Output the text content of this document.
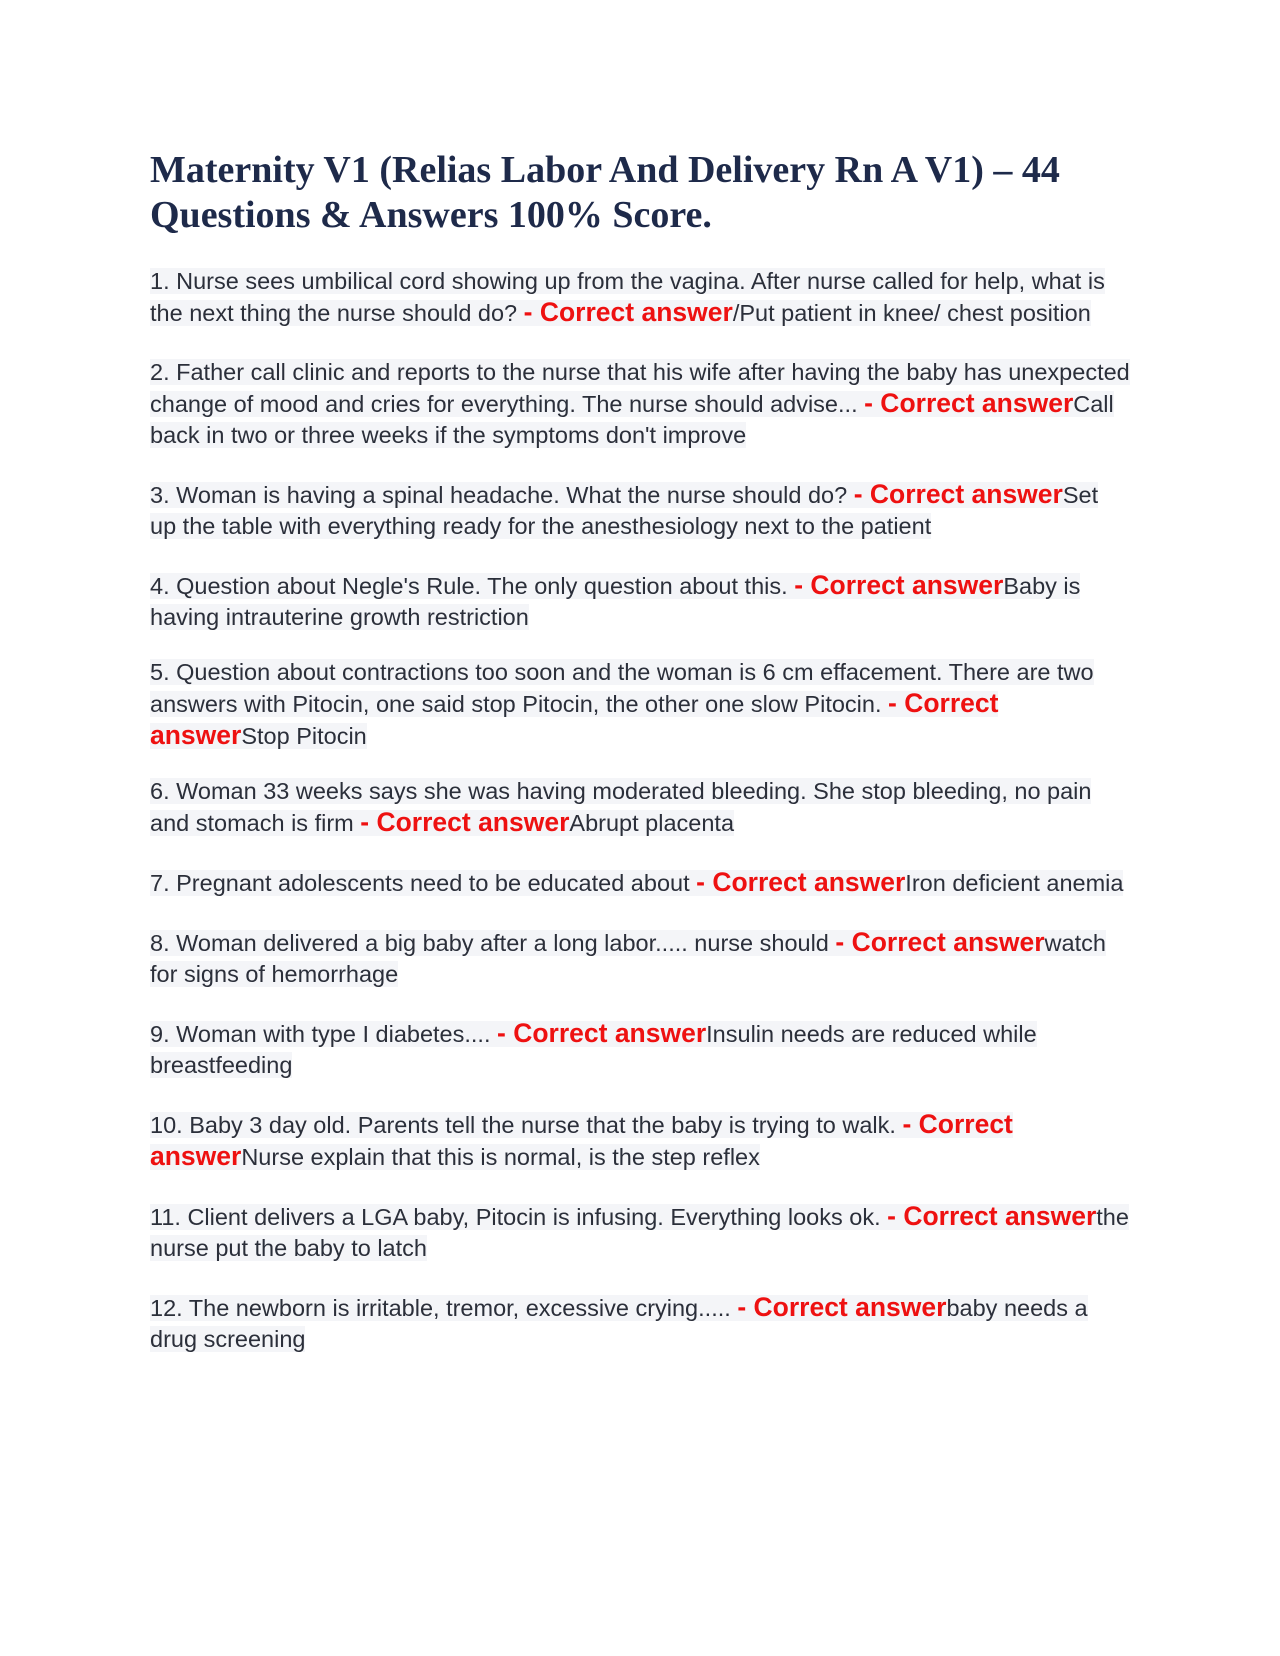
Maternity V1 (Relias Labor And Delivery Rn A V1) – 44 Questions & Answers 100% Score.

1. Nurse sees umbilical cord showing up from the vagina. After nurse called for help, what is the next thing the nurse should do? - Correct answer/Put patient in knee/ chest position

2. Father call clinic and reports to the nurse that his wife after having the baby has unexpected change of mood and cries for everything. The nurse should advise... - Correct answerCall back in two or three weeks if the symptoms don't improve

3. Woman is having a spinal headache. What the nurse should do? - Correct answerSet up the table with everything ready for the anesthesiology next to the patient

4. Question about Negle's Rule. The only question about this. - Correct answerBaby is having intrauterine growth restriction

5. Question about contractions too soon and the woman is 6 cm effacement. There are two answers with Pitocin, one said stop Pitocin, the other one slow Pitocin. - Correct answerStop Pitocin

6. Woman 33 weeks says she was having moderated bleeding. She stop bleeding, no pain and stomach is firm - Correct answerAbrupt placenta

7. Pregnant adolescents need to be educated about - Correct answerIron deficient anemia

8. Woman delivered a big baby after a long labor..... nurse should - Correct answerwatch for signs of hemorrhage

9. Woman with type I diabetes.... - Correct answerInsulin needs are reduced while breastfeeding

10. Baby 3 day old. Parents tell the nurse that the baby is trying to walk. - Correct answerNurse explain that this is normal, is the step reflex

11. Client delivers a LGA baby, Pitocin is infusing. Everything looks ok. - Correct answerthe nurse put the baby to latch

12. The newborn is irritable, tremor, excessive crying..... - Correct answerbaby needs a drug screening
